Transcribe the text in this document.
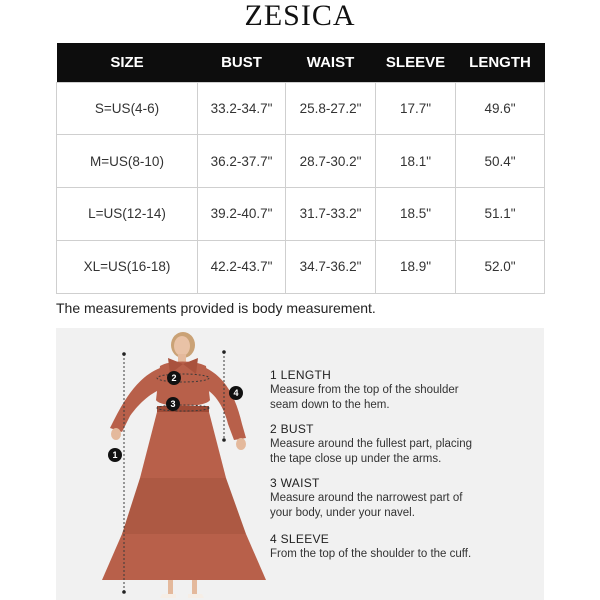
ZESICA
SIZE	BUST	WAIST	SLEEVE	LENGTH
S=US(4-6)	33.2-34.7"	25.8-27.2"	17.7"	49.6"
M=US(8-10)	36.2-37.7"	28.7-30.2"	18.1"	50.4"
L=US(12-14)	39.2-40.7"	31.7-33.2"	18.5"	51.1"
XL=US(16-18)	42.2-43.7"	34.7-36.2"	18.9"	52.0"
The measurements provided is body measurement.
1
2
3
4
1 LENGTH
Measure from the top of the shoulder
seam down to the hem.
2 BUST
Measure around the fullest part, placing
the tape close up under the arms.
3 WAIST
Measure around the narrowest part of
your body, under your navel.
4 SLEEVE
From the top of the shoulder to the cuff.
